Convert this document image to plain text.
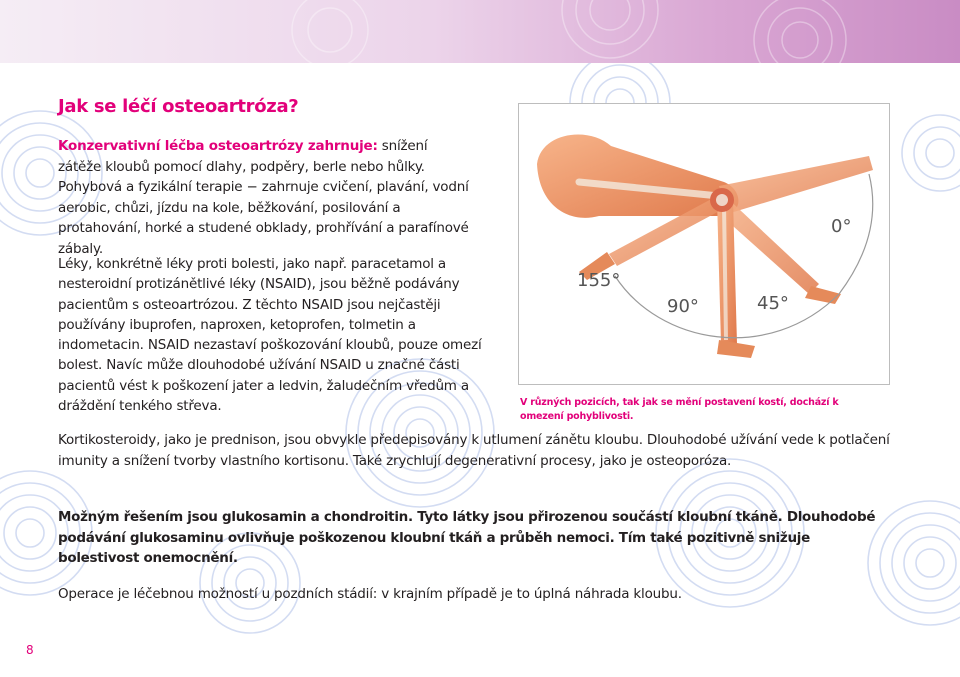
Jak se léčí osteoartróza?
Konzervativní léčba osteoartrózy zahrnuje: snížení zátěže kloubů pomocí dlahy, podpěry, berle nebo hůlky. Pohybová a fyzikální terapie − zahrnuje cvičení, plavání, vodní aerobic, chůzi, jízdu na kole, běžkování, posilování a protahování, horké a studené obklady, prohřívání a parafínové zábaly.
Léky, konkrétně léky proti bolesti, jako např. paracetamol a nesteroidní protizánětlivé léky (NSAID), jsou běžně podávány pacientům s osteoartrózou. Z těchto NSAID jsou nejčastěji používány ibuprofen, naproxen, ketoprofen, tolmetin a indometacin. NSAID nezastaví poškozování kloubů, pouze omezí bolest. Navíc může dlouhodobé užívání NSAID u značné části pacientů vést k poškození jater a ledvin, žaludečním vředům a dráždění tenkého střeva.
155°
90°	45°
0°
V různých pozicích, tak jak se mění postavení kostí, dochází k omezení pohyblivosti.
Kortikosteroidy, jako je prednison, jsou obvykle předepisovány k utlumení zánětu kloubu. Dlouhodobé užívání vede k potlačení imunity a snížení tvorby vlastního kortisonu. Také zrychlují degenerativní procesy, jako je osteoporóza.
Možným řešením jsou glukosamin a chondroitin. Tyto látky jsou přirozenou součástí kloubní tkáně. Dlouhodobé podávání glukosaminu ovlivňuje poškozenou kloubní tkáň a průběh nemoci. Tím také pozitivně snižuje bolestivost onemocnění.
Operace je léčebnou možností u pozdních stádií: v krajním případě je to úplná náhrada kloubu.
8
